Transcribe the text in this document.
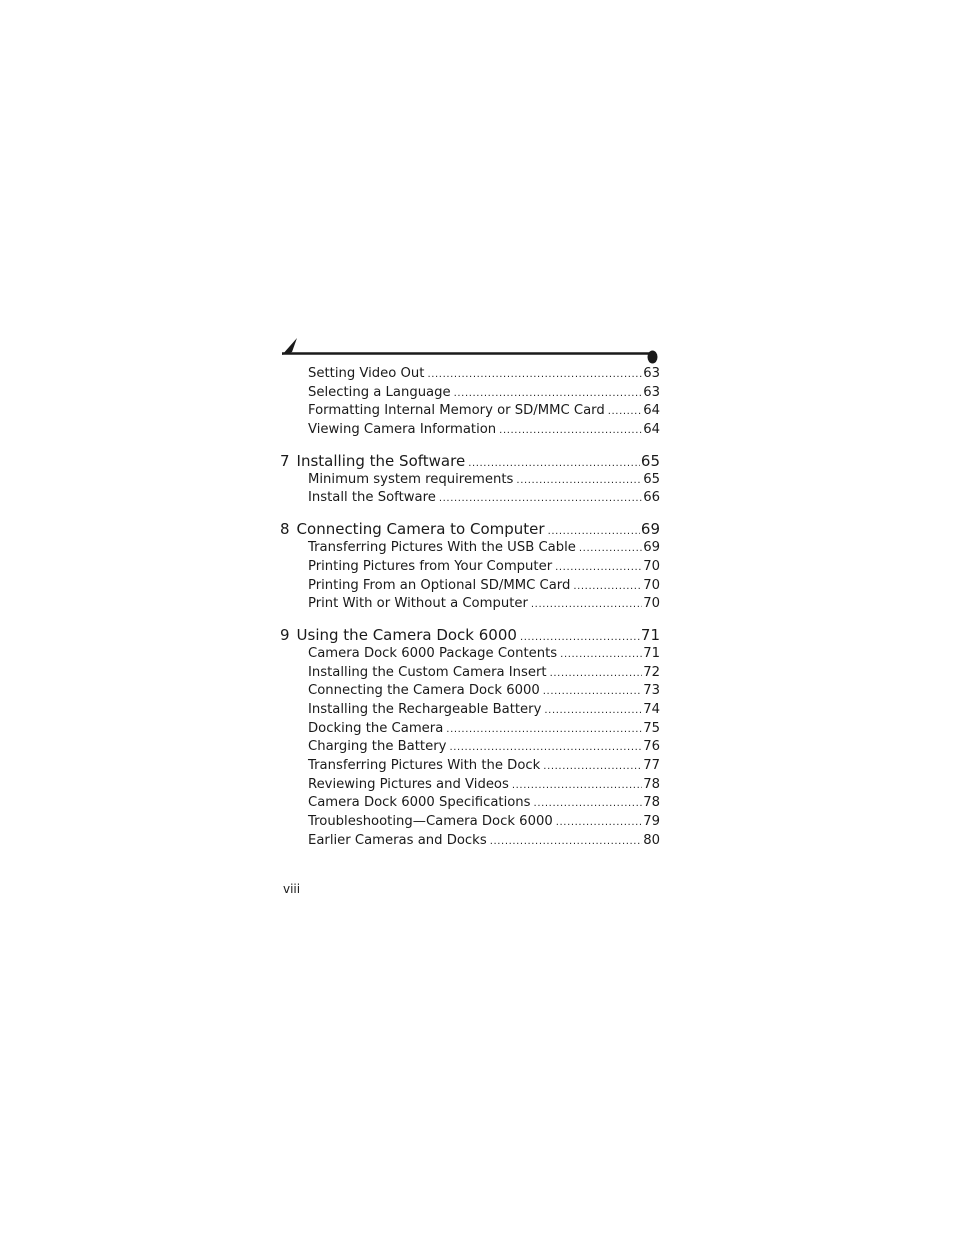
Setting Video Out .....	63
Selecting a Language .....	63
Formatting Internal Memory or SD/MMC Card .....	64
Viewing Camera Information .....	64
7 Installing the Software .....	65
Minimum system requirements .....	65
Install the Software .....	66
8 Connecting Camera to Computer .....	69
Transferring Pictures With the USB Cable .....	69
Printing Pictures from Your Computer .....	70
Printing From an Optional SD/MMC Card .....	70
Print With or Without a Computer .....	70
9 Using the Camera Dock 6000 .....	71
Camera Dock 6000 Package Contents .....	71
Installing the Custom Camera Insert .....	72
Connecting the Camera Dock 6000 .....	73
Installing the Rechargeable Battery .....	74
Docking the Camera .....	75
Charging the Battery .....	76
Transferring Pictures With the Dock .....	77
Reviewing Pictures and Videos .....	78
Camera Dock 6000 Specifications .....	78
Troubleshooting—Camera Dock 6000 .....	79
Earlier Cameras and Docks .....	80
viii
